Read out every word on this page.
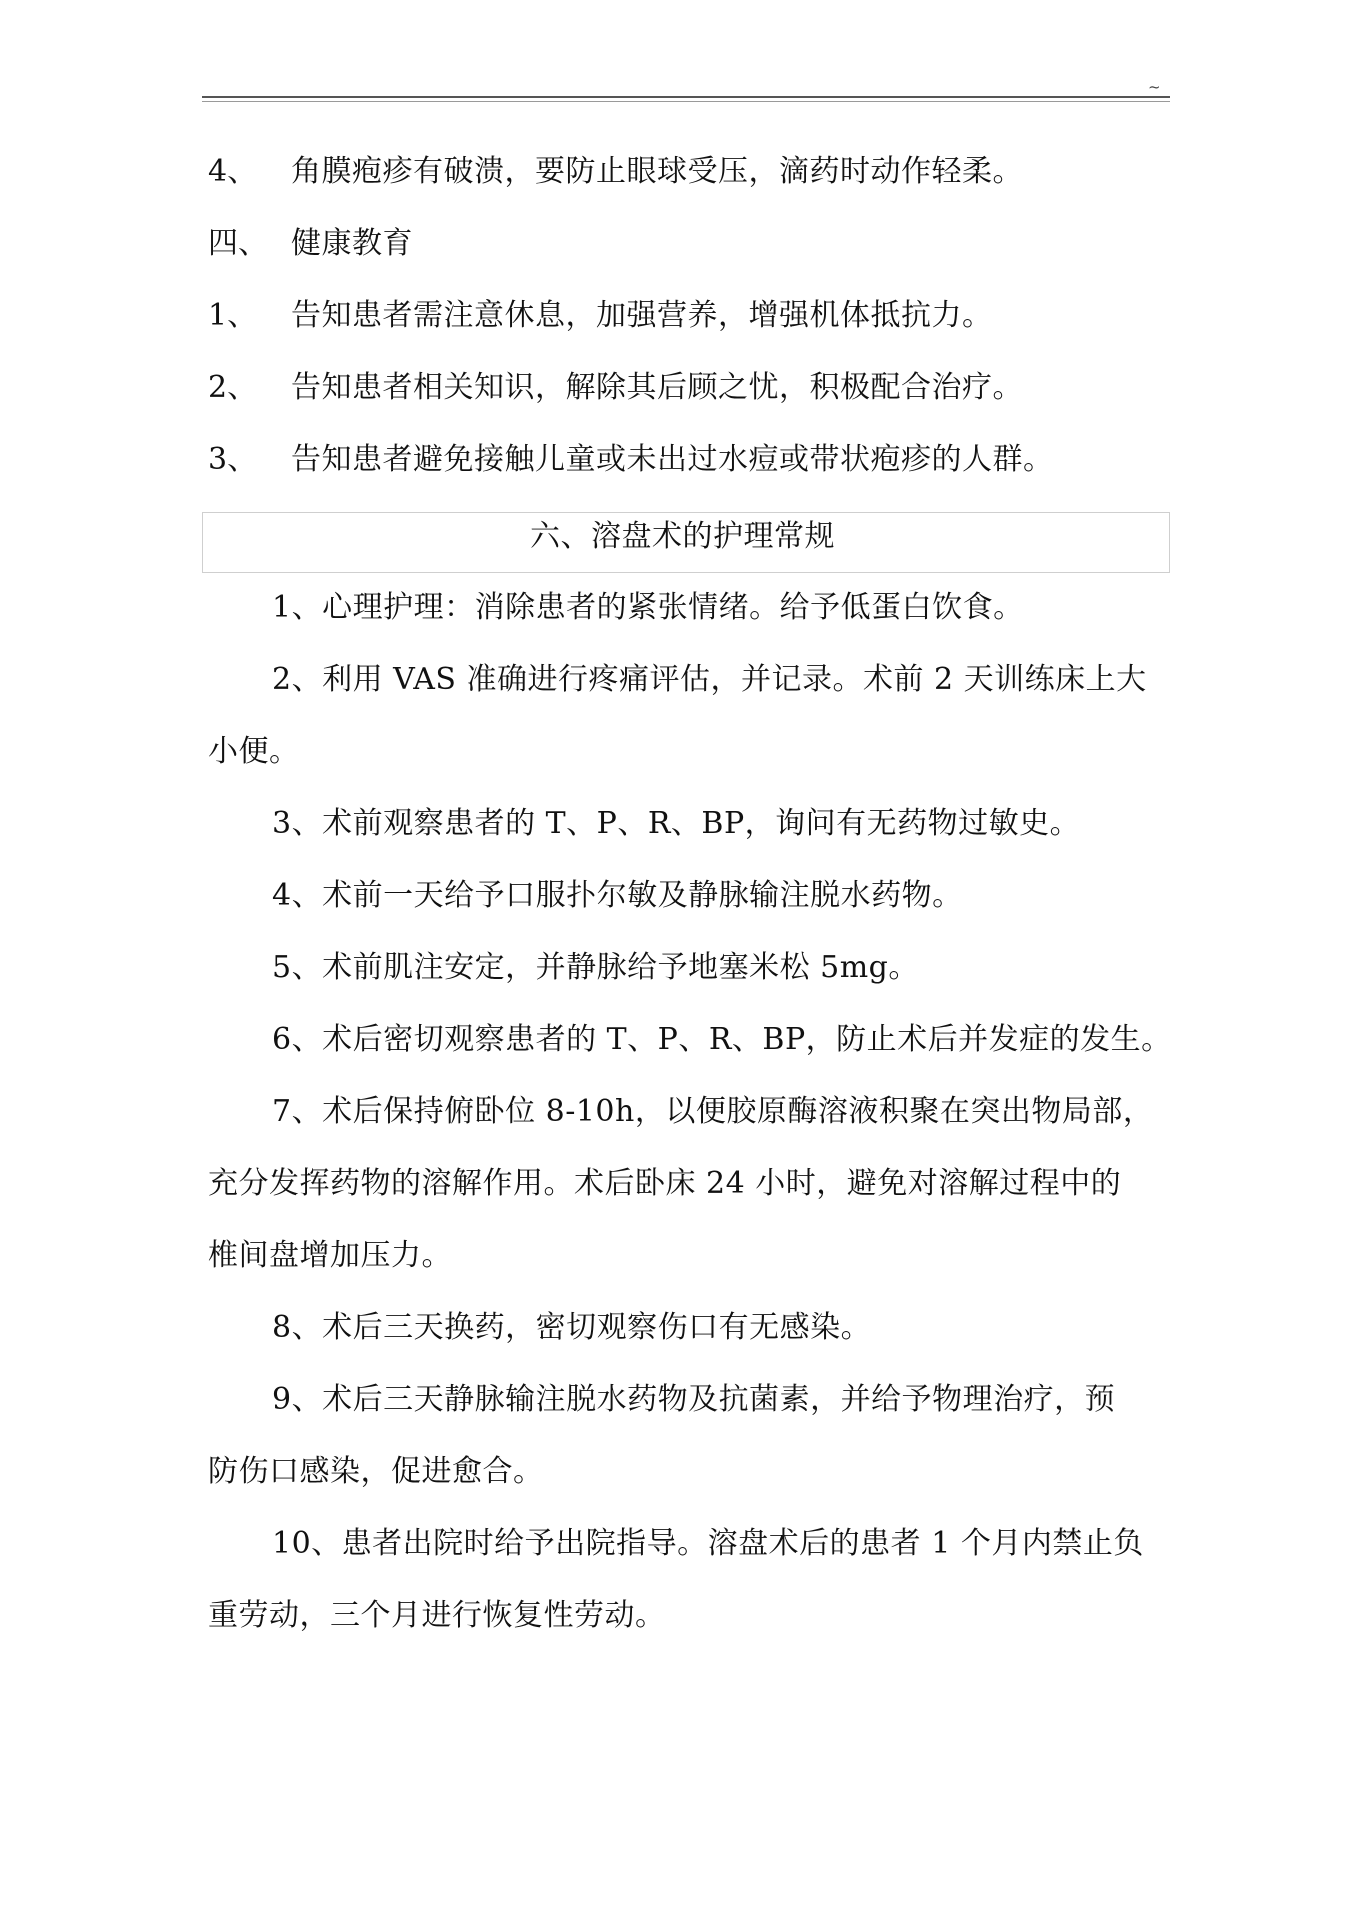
~
4、 角膜疱疹有破溃，要防止眼球受压，滴药时动作轻柔。
四、 健康教育
1、 告知患者需注意休息，加强营养，增强机体抵抗力。
2、 告知患者相关知识，解除其后顾之忧，积极配合治疗。
3、 告知患者避免接触儿童或未出过水痘或带状疱疹的人群。
六、溶盘术的护理常规
1、心理护理：消除患者的紧张情绪。给予低蛋白饮食。
2、利用 VAS 准确进行疼痛评估，并记录。术前 2 天训练床上大
小便。
3、术前观察患者的 T、P、R、BP，询问有无药物过敏史。
4、术前一天给予口服扑尔敏及静脉输注脱水药物。
5、术前肌注安定，并静脉给予地塞米松 5mg。
6、术后密切观察患者的 T、P、R、BP，防止术后并发症的发生。
7、术后保持俯卧位 8-10h，以便胶原酶溶液积聚在突出物局部，
充分发挥药物的溶解作用。术后卧床 24 小时，避免对溶解过程中的
椎间盘增加压力。
8、术后三天换药，密切观察伤口有无感染。
9、术后三天静脉输注脱水药物及抗菌素，并给予物理治疗，预
防伤口感染，促进愈合。
10、患者出院时给予出院指导。溶盘术后的患者 1 个月内禁止负
重劳动，三个月进行恢复性劳动。
